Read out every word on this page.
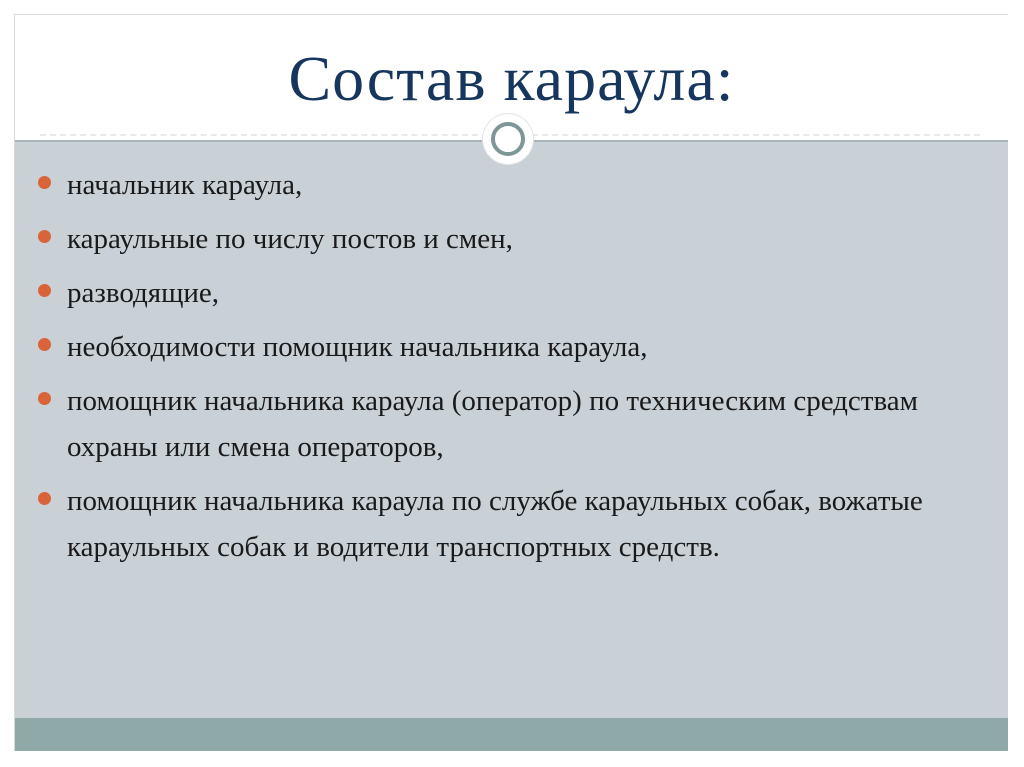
Состав караула:
начальник караула,
караульные по числу постов и смен,
разводящие,
необходимости помощник начальника караула,
помощник начальника караула (оператор) по техническим средствам охраны или смена операторов,
помощник начальника караула по службе караульных собак, вожатые караульных собак и водители транспортных средств.
